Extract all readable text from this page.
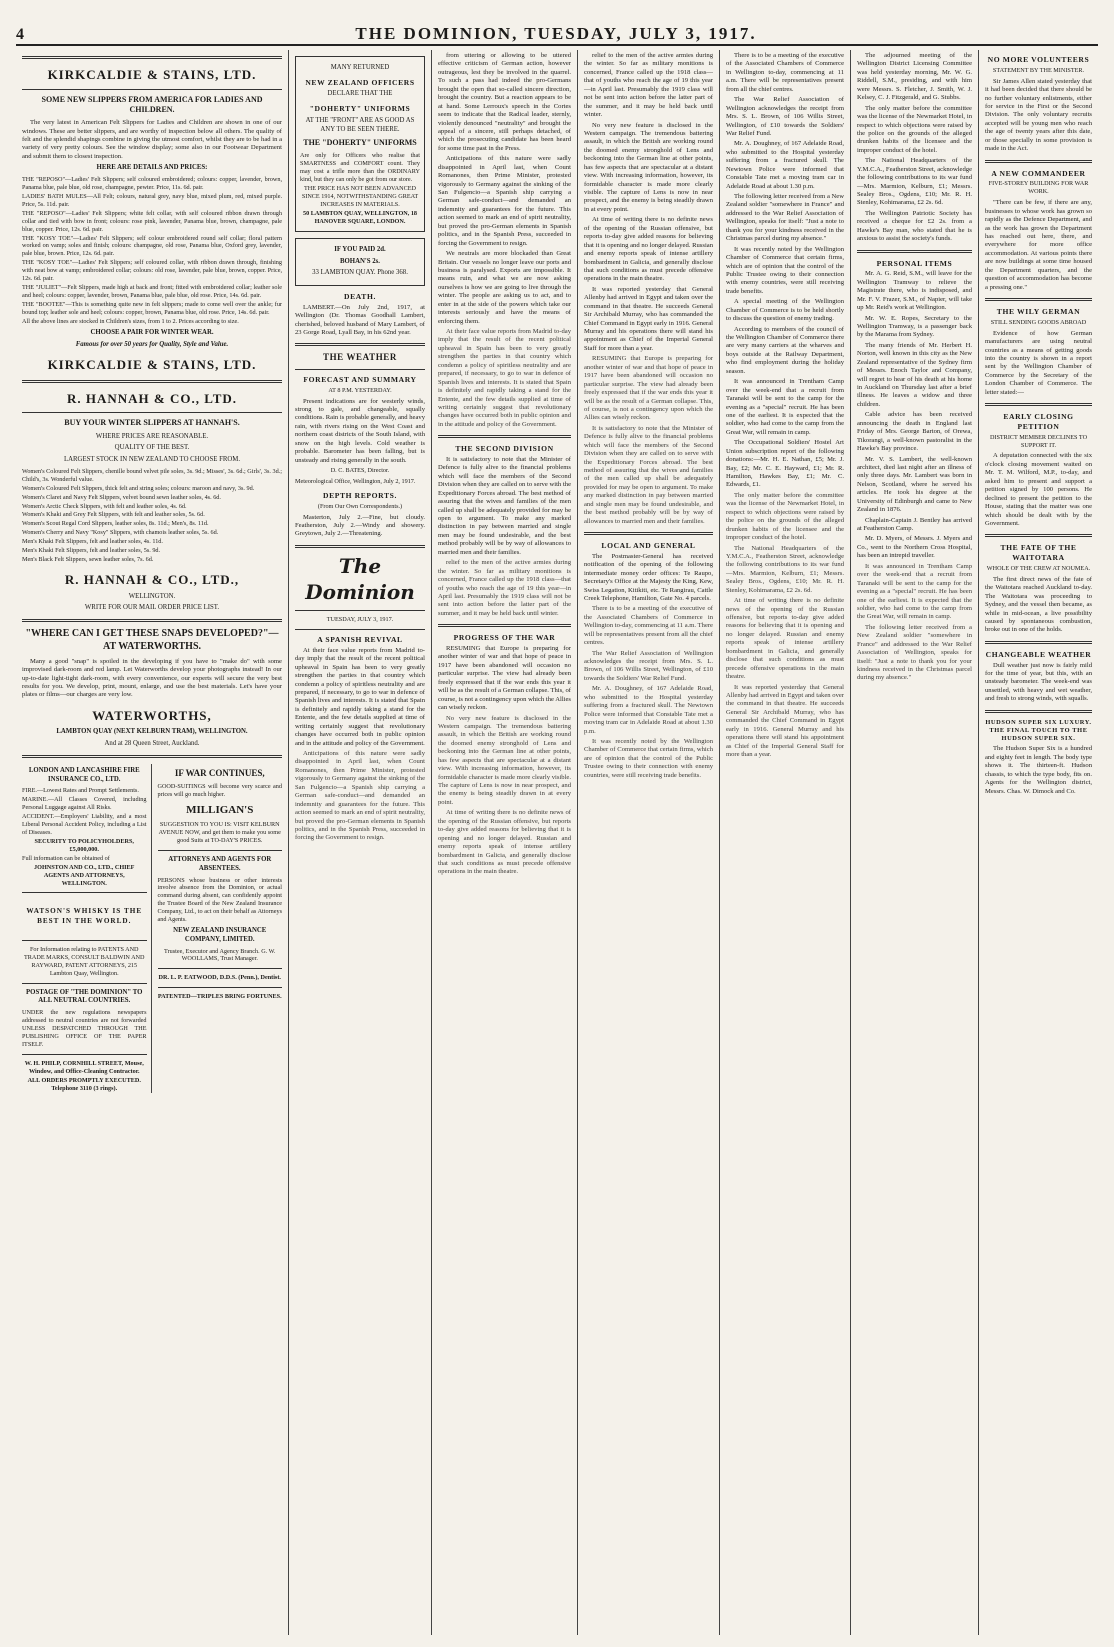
4	THE DOMINION, TUESDAY, JULY 3, 1917.
KIRKCALDIE & STAINS, LTD.
SOME NEW SLIPPERS FROM AMERICA FOR LADIES AND CHILDREN.
The very latest in American Felt Slippers for Ladies and Children are shown in one of our windows. These are better slippers, and are worthy of inspection below all others. The quality of felt and the splendid shapings combine in giving the utmost comfort, whilst they are to be had in a variety of very pretty colours. See the window display; some also in our Footwear Department and submit them to closest inspection.
HERE ARE DETAILS AND PRICES:
THE "REPOSO"—Ladies' Felt Slippers; self coloured embroidered; colours: copper, lavender, brown, Panama blue, pale blue, old rose, champagne, pewter. Price, 11s. 6d. pair.
LADIES' BATH MULES—All Felt; colours, natural grey, navy blue, mixed plum, red, mixed purple. Price, 5s. 11d. pair.
THE "REPOSO"—Ladies' Felt Slippers; white felt collar, with self coloured ribbon drawn through collar and tied with bow in front; colours: rose pink, lavender, Panama blue, brown, champagne, pale blue, copper. Price, 12s. 6d. pair.
THE "KOSY TOE"—Ladies' Felt Slippers; self colour embroidered round self collar; floral pattern worked on vamp; soles and finish; colours: champagne, old rose, Panama blue, Oxford grey, lavender, pale blue, brown. Price, 12s. 6d. pair.
THE "KOSY TOE"—Ladies' Felt Slippers; self coloured collar, with ribbon drawn through, finishing with neat bow at vamp; embroidered collar; colours: old rose, lavender, pale blue, brown, copper. Price, 12s. 6d. pair.
THE "JULIET"—Felt Slippers, made high at back and front; fitted with embroidered collar; leather sole and heel; colours: copper, lavender, brown, Panama blue, pale blue, old rose. Price, 14s. 6d. pair.
THE "BOOTEE"—This is something quite new in felt slippers; made to come well over the ankle; fur bound top; leather sole and heel; colours: copper, brown, Panama blue, old rose. Price, 14s. 6d. pair.
All the above lines are stocked in Children's sizes, from 1 to 2. Prices according to size.
CHOOSE A PAIR FOR WINTER WEAR.
Famous for over 50 years for Quality, Style and Value.
KIRKCALDIE & STAINS, LTD.
R. HANNAH & CO., LTD.
BUY YOUR WINTER SLIPPERS AT HANNAH'S.
WHERE PRICES ARE REASONABLE.
QUALITY OF THE BEST.
LARGEST STOCK IN NEW ZEALAND TO CHOOSE FROM.
Women's Coloured Felt Slippers, chenille bound velvet pile soles, 3s. 9d.; Misses', 3s. 6d.; Girls', 3s. 3d.; Child's, 3s. Wonderful value.
Women's Coloured Felt Slippers, thick felt and string soles; colours: maroon and navy, 3s. 9d.
Women's Claret and Navy Felt Slippers, velvet bound sewn leather soles, 4s. 6d.
Women's Arctic Check Slippers, with felt and leather soles, 4s. 6d.
Women's Khaki and Grey Felt Slippers, with felt and leather soles, 5s. 6d.
Women's Scout Regal Cord Slippers, leather soles, 8s. 11d.; Men's, 8s. 11d.
Women's Cherry and Navy "Kosy" Slippers, with chamois leather soles, 5s. 6d.
Men's Khaki Felt Slippers, felt and leather soles, 4s. 11d.
Men's Khaki Felt Slippers, felt and leather soles, 5s. 9d.
Men's Black Felt Slippers, sewn leather soles, 7s. 6d.
R. HANNAH & CO., LTD.,
WELLINGTON.
WRITE FOR OUR MAIL ORDER PRICE LIST.
"WHERE CAN I GET THESE SNAPS DEVELOPED?"—AT WATERWORTHS.
Many a good "snap" is spoiled in the developing if you have to "make do" with some improvised dark-room and red lamp. Let Waterworths develop your photographs instead! In our up-to-date light-tight dark-room, with every convenience, our experts will secure the very best results for you. We develop, print, mount, enlarge, and use the best materials. Let's have your plates or films—our charges are very low.
WATERWORTHS,
LAMBTON QUAY (NEXT KELBURN TRAM), WELLINGTON.
And at 28 Queen Street, Auckland.
LONDON AND LANCASHIRE FIRE INSURANCE CO., LTD.
FIRE.—Lowest Rates and Prompt Settlements.
MARINE.—All Classes Covered, including Personal Luggage against All Risks.
ACCIDENT.—Employers' Liability, and a most Liberal Personal Accident Policy, including a List of Diseases.
SECURITY TO POLICYHOLDERS, £5,000,000.
Full information can be obtained of
JOHNSTON AND CO., LTD., CHIEF AGENTS AND ATTORNEYS, WELLINGTON.
WATSON'S WHISKY IS THE BEST IN THE WORLD.
For Information relating to PATENTS AND TRADE MARKS, CONSULT BALDWIN AND RAYWARD, PATENT ATTORNEYS, 215 Lambton Quay, Wellington.
POSTAGE OF "THE DOMINION" TO ALL NEUTRAL COUNTRIES.
UNDER the new regulations newspapers addressed to neutral countries are not forwarded UNLESS DESPATCHED THROUGH THE PUBLISHING OFFICE OF THE PAPER ITSELF.
W. H. PHILP, CORNHILL STREET, Mouse, Window, and Office-Cleaning Contractor.
ALL ORDERS PROMPTLY EXECUTED. Telephone 3110 (3 rings).
IF WAR CONTINUES,
GOOD-SUITINGS will become very scarce and prices will go much higher.
MILLIGAN'S
SUGGESTION TO YOU IS: VISIT KELBURN AVENUE NOW, and get them to make you some good Suits at TO-DAY'S PRICES.
ATTORNEYS AND AGENTS FOR ABSENTEES.
PERSONS whose business or other interests involve absence from the Dominion, or actual command during absent, can confidently appoint the Trustee Board of the New Zealand Insurance Company, Ltd., to act on their behalf as Attorneys and Agents.
NEW ZEALAND INSURANCE COMPANY, LIMITED.
Trustee, Executor and Agency Branch. G. W. WOOLLAMS, Trust Manager.
DR. L. P. EATWOOD, D.D.S. (Penn.), Dentist.
PATENTED—TRIPLES BRING FORTUNES.
MANY RETURNED
NEW ZEALAND OFFICERS
DECLARE THAT THE
"DOHERTY" UNIFORMS
AT THE "FRONT" ARE AS GOOD AS ANY TO BE SEEN THERE.
THE "DOHERTY" UNIFORMS
Are only for Officers who realise that SMARTNESS and COMFORT count. They may cost a trifle more than the ORDINARY kind, but they can only be got from our store.
THE PRICE HAS NOT BEEN ADVANCED SINCE 1914, NOTWITHSTANDING GREAT INCREASES IN MATERIALS.
50 LAMBTON QUAY, WELLINGTON, 18 HANOVER SQUARE, LONDON.
IF YOU PAID 2d.
BOHAN'S 2s.
33 LAMBTON QUAY. Phone 368.
DEATH.
LAMBERT.—On July 2nd, 1917, at Wellington (Dr. Thomas Goodhall Lambert, cherished, beloved husband of Mary Lambert, of 23 Gorge Road, Lyall Bay, in his 62nd year.
THE WEATHER
FORECAST AND SUMMARY
AT 8 P.M. YESTERDAY.
Present indications are for westerly winds, strong to gale, and changeable, squally conditions. Rain is probable generally, and heavy rain, with rivers rising on the West Coast and northern coast districts of the South Island, with snow on the high levels. Cold weather is probable. Barometer has been falling, but is unsteady and rising generally in the south.
D. C. BATES, Director.
Meteorological Office, Wellington, July 2, 1917.
DEPTH REPORTS.
(From Our Own Correspondents.)
Masterton, July 2.—Fine, but cloudy. Featherston, July 2.—Windy and showery. Greytown, July 2.—Threatening.
The Dominion
TUESDAY, JULY 3, 1917.
A SPANISH REVIVAL
At their face value reports from Madrid to-day imply that the result of the recent political upheaval in Spain has been to very greatly strengthen the parties in that country which condemn a policy of spiritless neutrality and are prepared, if necessary, to go to war in defence of Spanish lives and interests. It is stated that Spain is definitely and rapidly taking a stand for the Entente, and the few details supplied at time of writing certainly suggest that revolutionary changes have occurred both in public opinion and in the attitude and policy of the Government.
Anticipations of this nature were sadly disappointed in April last, when Count Romanones, then Prime Minister, protested vigorously to Germany against the sinking of the San Fulgencio—a Spanish ship carrying a German safe-conduct—and demanded an indemnity and guarantees for the future. This action seemed to mark an end of spirit neutrality, but proved the pro-German elements in Spanish politics, and in the Spanish Press, succeeded in forcing the Government to resign.
from uttering or allowing to be uttered effective criticism of German action, however outrageous, lest they be involved in the quarrel. To such a pass had indeed the pro-Germans brought the open that so-called sincere direction, brought the country. But a reaction appears to be at hand. Some Lerroux's speech in the Cortes seem to indicate that the Radical leader, sternly, violently denounced "neutrality" and brought the appeal of a sincere, still perhaps detached, of which the prosecuting candidate has been heard for some time past in the Press.
Anticipations of this nature were sadly disappointed in April last, when Count Romanones, then Prime Minister, protested vigorously to Germany against the sinking of the San Fulgencio—a Spanish ship carrying a German safe-conduct—and demanded an indemnity and guarantees for the future. This action seemed to mark an end of spirit neutrality, but proved the pro-German elements in Spanish politics, and in the Spanish Press, succeeded in forcing the Government to resign.
We neutrals are more blockaded than Great Britain. Our vessels no longer leave our ports and business is paralysed. Exports are impossible. It means ruin, and what we are now asking ourselves is how we are going to live through the winter. The people are asking us to act, and to enter in at the side of the powers which take our interests seriously and have the means of enforcing them.
At their face value reports from Madrid to-day imply that the result of the recent political upheaval in Spain has been to very greatly strengthen the parties in that country which condemn a policy of spiritless neutrality and are prepared, if necessary, to go to war in defence of Spanish lives and interests. It is stated that Spain is definitely and rapidly taking a stand for the Entente, and the few details supplied at time of writing certainly suggest that revolutionary changes have occurred both in public opinion and in the attitude and policy of the Government.
THE SECOND DIVISION
It is satisfactory to note that the Minister of Defence is fully alive to the financial problems which will face the members of the Second Division when they are called on to serve with the Expeditionary Forces abroad. The best method of assuring that the wives and families of the men called up shall be adequately provided for may be open to argument. To make any marked distinction in pay between married and single men may be found undesirable, and the best method probably will be by way of allowances to married men and their families.
relief to the men of the active armies during the winter. So far as military monitions is concerned, France called up the 1918 class—that of youths who reach the age of 19 this year—in April last. Presumably the 1919 class will not be sent into action before the latter part of the summer, and it may be held back until winter.
PROGRESS OF THE WAR
RESUMING that Europe is preparing for another winter of war and that hope of peace in 1917 have been abandoned will occasion no particular surprise. The view had already been freely expressed that if the war ends this year it will be as the result of a German collapse. This, of course, is not a contingency upon which the Allies can wisely reckon.
No very new feature is disclosed in the Western campaign. The tremendous battering assault, in which the British are working round the doomed enemy stronghold of Lens and beckoning into the German line at other points, has few aspects that are spectacular at a distant view. With increasing information, however, its formidable character is made more clearly visible. The capture of Lens is now in near prospect, and the enemy is being steadily drawn in at every point.
At time of writing there is no definite news of the opening of the Russian offensive, but reports to-day give added reasons for believing that it is opening and no longer delayed. Russian and enemy reports speak of intense artillery bombardment in Galicia, and generally disclose that such conditions as must precede offensive operations in the main theatre.
relief to the men of the active armies during the winter. So far as military monitions is concerned, France called up the 1918 class—that of youths who reach the age of 19 this year—in April last. Presumably the 1919 class will not be sent into action before the latter part of the summer, and it may be held back until winter.
No very new feature is disclosed in the Western campaign. The tremendous battering assault, in which the British are working round the doomed enemy stronghold of Lens and beckoning into the German line at other points, has few aspects that are spectacular at a distant view. With increasing information, however, its formidable character is made more clearly visible. The capture of Lens is now in near prospect, and the enemy is being steadily drawn in at every point.
At time of writing there is no definite news of the opening of the Russian offensive, but reports to-day give added reasons for believing that it is opening and no longer delayed. Russian and enemy reports speak of intense artillery bombardment in Galicia, and generally disclose that such conditions as must precede offensive operations in the main theatre.
It was reported yesterday that General Allenby had arrived in Egypt and taken over the command in that theatre. He succeeds General Sir Archibald Murray, who has commanded the Chief Command in Egypt early in 1916. General Murray and his operations there will stand his appointment as Chief of the Imperial General Staff for more than a year.
RESUMING that Europe is preparing for another winter of war and that hope of peace in 1917 have been abandoned will occasion no particular surprise. The view had already been freely expressed that if the war ends this year it will be as the result of a German collapse. This, of course, is not a contingency upon which the Allies can wisely reckon.
It is satisfactory to note that the Minister of Defence is fully alive to the financial problems which will face the members of the Second Division when they are called on to serve with the Expeditionary Forces abroad. The best method of assuring that the wives and families of the men called up shall be adequately provided for may be open to argument. To make any marked distinction in pay between married and single men may be found undesirable, and the best method probably will be by way of allowances to married men and their families.
LOCAL AND GENERAL
The Postmaster-General has received notification of the opening of the following intermediate money order offices: Te Raupo, Secretary's Office at the Majesty the King, Kew, Swiss Legation, Kitikiti, etc. Te Rangirau, Cattle Creek Telephone, Hamilton, Gate No. 4 parcels.
There is to be a meeting of the executive of the Associated Chambers of Commerce in Wellington to-day, commencing at 11 a.m. There will be representatives present from all the chief centres.
The War Relief Association of Wellington acknowledges the receipt from Mrs. S. L. Brown, of 106 Willis Street, Wellington, of £10 towards the Soldiers' War Relief Fund.
Mr. A. Doughney, of 167 Adelaide Road, who submitted to the Hospital yesterday suffering from a fractured skull. The Newtown Police were informed that Constable Tate met a moving tram car in Adelaide Road at about 1.30 p.m.
It was recently noted by the Wellington Chamber of Commerce that certain firms, which are of opinion that the control of the Public Trustee owing to their connection with enemy countries, were still receiving trade benefits.
There is to be a meeting of the executive of the Associated Chambers of Commerce in Wellington to-day, commencing at 11 a.m. There will be representatives present from all the chief centres.
The War Relief Association of Wellington acknowledges the receipt from Mrs. S. L. Brown, of 106 Willis Street, Wellington, of £10 towards the Soldiers' War Relief Fund.
Mr. A. Doughney, of 167 Adelaide Road, who submitted to the Hospital yesterday suffering from a fractured skull. The Newtown Police were informed that Constable Tate met a moving tram car in Adelaide Road at about 1.30 p.m.
The following letter received from a New Zealand soldier "somewhere in France" and addressed to the War Relief Association of Wellington, speaks for itself: "Just a note to thank you for your kindness received in the Christmas parcel during my absence."
It was recently noted by the Wellington Chamber of Commerce that certain firms, which are of opinion that the control of the Public Trustee owing to their connection with enemy countries, were still receiving trade benefits.
A special meeting of the Wellington Chamber of Commerce is to be held shortly to discuss the question of enemy trading.
According to members of the council of the Wellington Chamber of Commerce there are very many carriers at the wharves and boys outside at the Railway Department, who find employment during the holiday season.
It was announced in Trentham Camp over the week-end that a recruit from Taranaki will be sent to the camp for the evening as a "special" recruit. He has been one of the earliest. It is expected that the soldier, who had come to the camp from the Great War, will remain in camp.
The Occupational Soldiers' Hostel Art Union subscription report of the following donations:—Mr. H. E. Nathan, £5; Mr. J. Bay, £2; Mr. C. E. Hayward, £1; Mr. R. Hamilton, Hawkes Bay, £1; Mr. C. Edwards, £1.
The only matter before the committee was the license of the Newmarket Hotel, in respect to which objections were raised by the police on the grounds of the alleged drunken habits of the licensee and the improper conduct of the hotel.
The National Headquarters of the Y.M.C.A., Featherston Street, acknowledge the following contributions to its war fund—Mrs. Marmion, Kelburn, £1; Messrs. Sealey Bros., Ogdens, £10; Mr. R. H. Stenley, Kohimarama, £2 2s. 6d.
At time of writing there is no definite news of the opening of the Russian offensive, but reports to-day give added reasons for believing that it is opening and no longer delayed. Russian and enemy reports speak of intense artillery bombardment in Galicia, and generally disclose that such conditions as must precede offensive operations in the main theatre.
It was reported yesterday that General Allenby had arrived in Egypt and taken over the command in that theatre. He succeeds General Sir Archibald Murray, who has commanded the Chief Command in Egypt early in 1916. General Murray and his operations there will stand his appointment as Chief of the Imperial General Staff for more than a year.
The adjourned meeting of the Wellington District Licensing Committee was held yesterday morning, Mr. W. G. Riddell, S.M., presiding, and with him were Messrs. S. Fletcher, J. Smith, W. J. Kelsey, C. J. Fitzgerald, and G. Stubbs.
The only matter before the committee was the license of the Newmarket Hotel, in respect to which objections were raised by the police on the grounds of the alleged drunken habits of the licensee and the improper conduct of the hotel.
The National Headquarters of the Y.M.C.A., Featherston Street, acknowledge the following contributions to its war fund—Mrs. Marmion, Kelburn, £1; Messrs. Sealey Bros., Ogdens, £10; Mr. R. H. Stenley, Kohimarama, £2 2s. 6d.
The Wellington Patriotic Society has received a cheque for £2 2s. from a Hawke's Bay man, who stated that he is anxious to assist the society's funds.
PERSONAL ITEMS
Mr. A. G. Reid, S.M., will leave for the Wellington Tramway to relieve the Magistrate there, who is indisposed, and Mr. F. V. Frazer, S.M., of Napier, will take up Mr. Reid's work at Wellington.
Mr. W. E. Ropes, Secretary to the Wellington Tramway, is a passenger back by the Marama from Sydney.
The many friends of Mr. Herbert H. Norton, well known in this city as the New Zealand representative of the Sydney firm of Messrs. Enoch Taylor and Company, will regret to hear of his death at his home in Auckland on Thursday last after a brief illness. He leaves a widow and three children.
Cable advice has been received announcing the death in England last Friday of Mrs. George Barton, of Orewa, Tikorangi, a well-known pastoralist in the Hawke's Bay province.
Mr. V. S. Lambert, the well-known architect, died last night after an illness of only three days. Mr. Lambert was born in Nelson, Scotland, where he served his articles. He took his degree at the University of Edinburgh and came to New Zealand in 1876.
Chaplain-Captain J. Bentley has arrived at Featherston Camp.
Mr. D. Myers, of Messrs. J. Myers and Co., went to the Northern Cross Hospital, has been an intrepid traveller.
It was announced in Trentham Camp over the week-end that a recruit from Taranaki will be sent to the camp for the evening as a "special" recruit. He has been one of the earliest. It is expected that the soldier, who had come to the camp from the Great War, will remain in camp.
The following letter received from a New Zealand soldier "somewhere in France" and addressed to the War Relief Association of Wellington, speaks for itself: "Just a note to thank you for your kindness received in the Christmas parcel during my absence."
NO MORE VOLUNTEERS
STATEMENT BY THE MINISTER.
Sir James Allen stated yesterday that it had been decided that there should be no further voluntary enlistments, either for service in the First or the Second Division. The only voluntary recruits accepted will be young men who reach the age of twenty years after this date, or those specially in some provision is made in the Act.
A NEW COMMANDEER
FIVE-STOREY BUILDING FOR WAR WORK.
"There can be few, if there are any, businesses to whose work has grown so rapidly as the Defence Department, and as the work has grown the Department has reached out here, there, and everywhere for more office accommodation. At various points there are now buildings at some time housed the Department quarters, and the question of accommodation has become a pressing one."
THE WILY GERMAN
STILL SENDING GOODS ABROAD
Evidence of how German manufacturers are using neutral countries as a means of getting goods into the country is shown in a report sent by the Wellington Chamber of Commerce by the Secretary of the London Chamber of Commerce. The letter stated:—
EARLY CLOSING PETITION
DISTRICT MEMBER DECLINES TO SUPPORT IT.
A deputation connected with the six o'clock closing movement waited on Mr. T. M. Wilford, M.P., to-day, and asked him to present and support a petition signed by 100 persons. He declined to present the petition to the House, stating that the matter was one which should be dealt with by the Government.
THE FATE OF THE WAITOTARA
WHOLE OF THE CREW AT NOUMEA.
The first direct news of the fate of the Waitotara reached Auckland to-day. The Waitotara was proceeding to Sydney, and the vessel then became, as while in mid-ocean, a live possibility caused by spontaneous combustion, broke out in one of the holds.
CHANGEABLE WEATHER
Dull weather just now is fairly mild for the time of year, but this, with an unsteady barometer. The week-end was unsettled, with heavy and wet weather, and fresh to strong winds, with squalls.
HUDSON SUPER SIX LUXURY. THE FINAL TOUCH TO THE HUDSON SUPER SIX.
The Hudson Super Six is a hundred and eighty feet in length. The body type shows it. The thirteen-ft. Hudson chassis, to which the type body, fits on. Agents for the Wellington district, Messrs. Chas. W. Dimock and Co.
